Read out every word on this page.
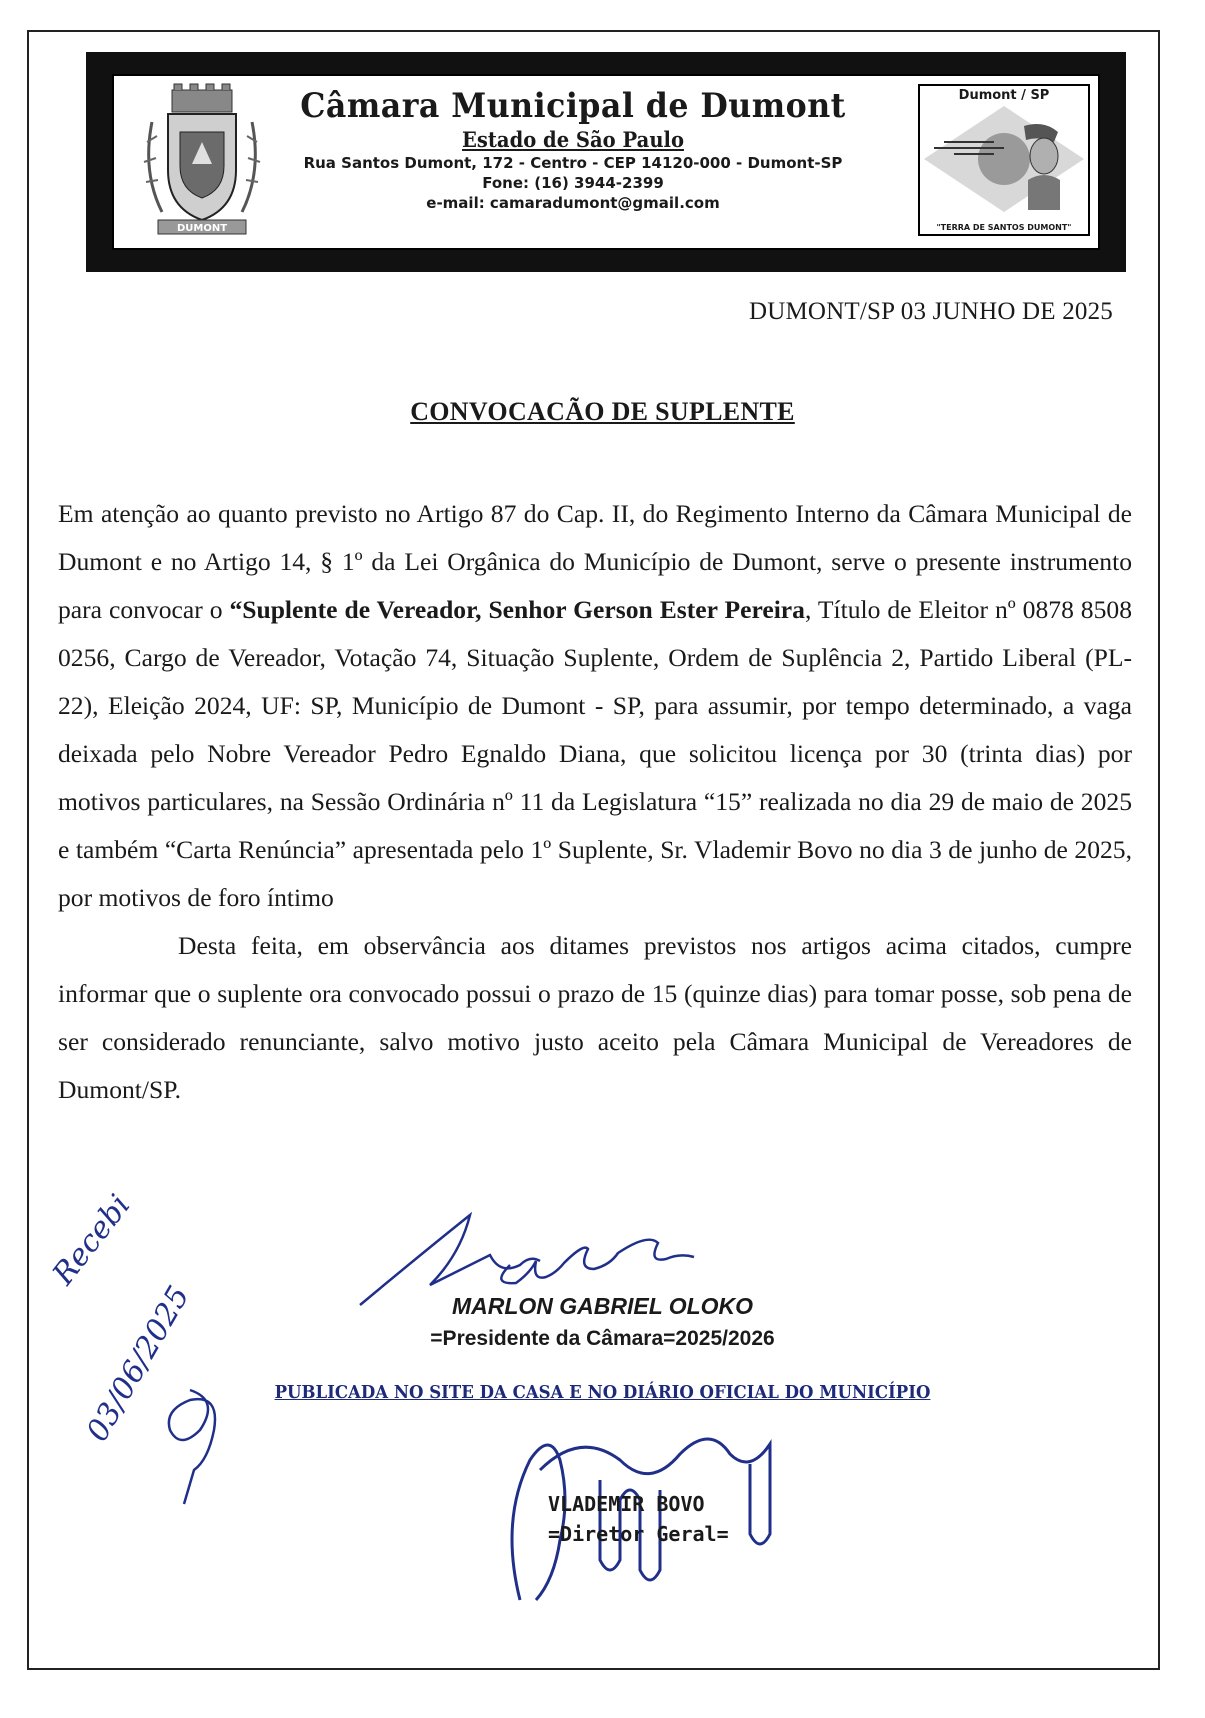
DUMONT
Câmara Municipal de Dumont
Estado de São Paulo
Rua Santos Dumont, 172 - Centro - CEP 14120-000 - Dumont-SP
Fone: (16) 3944-2399
e-mail: camaradumont@gmail.com
Dumont / SP
"TERRA DE SANTOS DUMONT"
DUMONT/SP 03 JUNHO DE 2025
CONVOCACÃO DE SUPLENTE

Em atenção ao quanto previsto no Artigo 87 do Cap. II, do Regimento Interno da Câmara Municipal de Dumont e no Artigo 14, § 1º da Lei Orgânica do Município de Dumont, serve o presente instrumento para convocar o “Suplente de Vereador, Senhor Gerson Ester Pereira, Título de Eleitor nº 0878 8508 0256, Cargo de Vereador, Votação 74, Situação Suplente, Ordem de Suplência 2, Partido Liberal (PL-22), Eleição 2024, UF: SP, Município de Dumont - SP, para assumir, por tempo determinado, a vaga deixada pelo Nobre Vereador Pedro Egnaldo Diana, que solicitou licença por 30 (trinta dias) por motivos particulares, na Sessão Ordinária nº 11 da Legislatura “15” realizada no dia 29 de maio de 2025 e também “Carta Renúncia” apresentada pelo 1º Suplente, Sr. Vlademir Bovo no dia 3 de junho de 2025, por motivos de foro íntimo

Desta feita, em observância aos ditames previstos nos artigos acima citados, cumpre informar que o suplente ora convocado possui o prazo de 15 (quinze dias) para tomar posse, sob pena de ser considerado renunciante, salvo motivo justo aceito pela Câmara Municipal de Vereadores de Dumont/SP.

Recebi
03/06/2025	MARLON GABRIEL OLOKO
=Presidente da Câmara=2025/2026
PUBLICADA NO SITE DA CASA E NO DIÁRIO OFICIAL DO MUNICÍPIO
VLADEMIR BOVO
=Diretor Geral=
